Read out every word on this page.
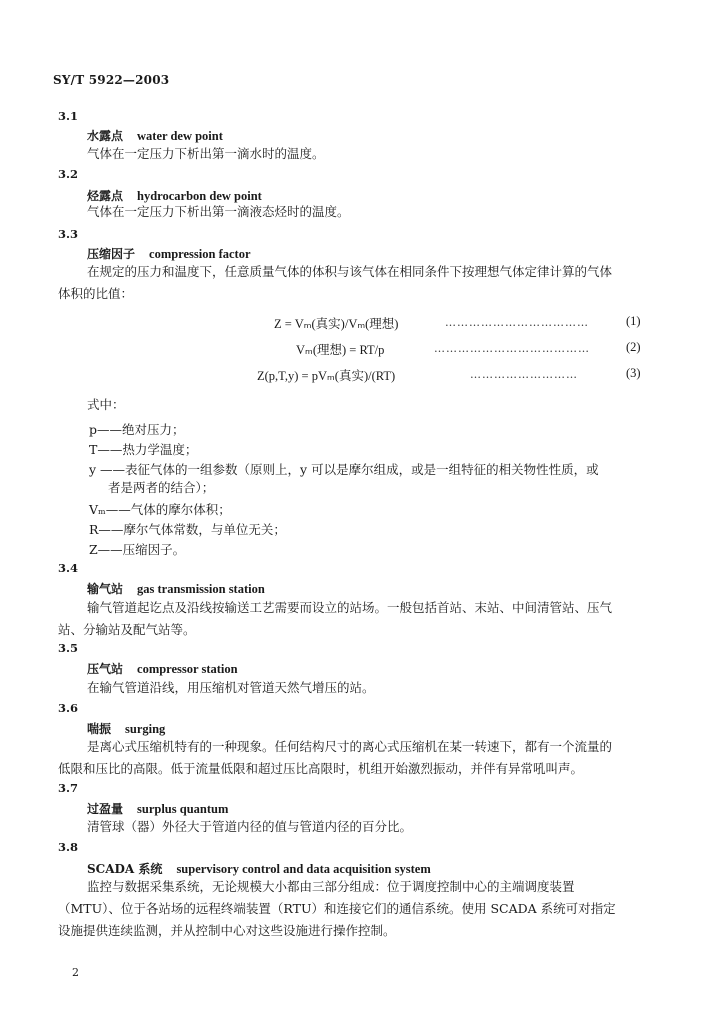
SY/T 5922—2003
3.1
水露点 water dew point
气体在一定压力下析出第一滴水时的温度。
3.2
烃露点 hydrocarbon dew point
气体在一定压力下析出第一滴液态烃时的温度。
3.3
压缩因子 compression factor
在规定的压力和温度下，任意质量气体的体积与该气体在相同条件下按理想气体定律计算的气体
体积的比值：
Z = Vₘ(真实)/Vₘ(理想)	………………………………	(1)
Vₘ(理想) = RT/p	…………………………………	(2)
Z(p,T,y) = pVₘ(真实)/(RT)	………………………	(3)
式中：
p——绝对压力；
T——热力学温度；
y ——表征气体的一组参数（原则上，y 可以是摩尔组成，或是一组特征的相关物性性质，或
者是两者的结合）；
Vₘ——气体的摩尔体积；
R——摩尔气体常数，与单位无关；
Z——压缩因子。
3.4
输气站 gas transmission station
输气管道起讫点及沿线按输送工艺需要而设立的站场。一般包括首站、末站、中间清管站、压气
站、分输站及配气站等。
3.5
压气站 compressor station
在输气管道沿线，用压缩机对管道天然气增压的站。
3.6
喘振 surging
是离心式压缩机特有的一种现象。任何结构尺寸的离心式压缩机在某一转速下，都有一个流量的
低限和压比的高限。低于流量低限和超过压比高限时，机组开始激烈振动，并伴有异常吼叫声。
3.7
过盈量 surplus quantum
清管球（器）外径大于管道内径的值与管道内径的百分比。
3.8
SCADA 系统 supervisory control and data acquisition system
监控与数据采集系统，无论规模大小都由三部分组成：位于调度控制中心的主端调度装置
（MTU）、位于各站场的远程终端装置（RTU）和连接它们的通信系统。使用 SCADA 系统可对指定
设施提供连续监测，并从控制中心对这些设施进行操作控制。
2
